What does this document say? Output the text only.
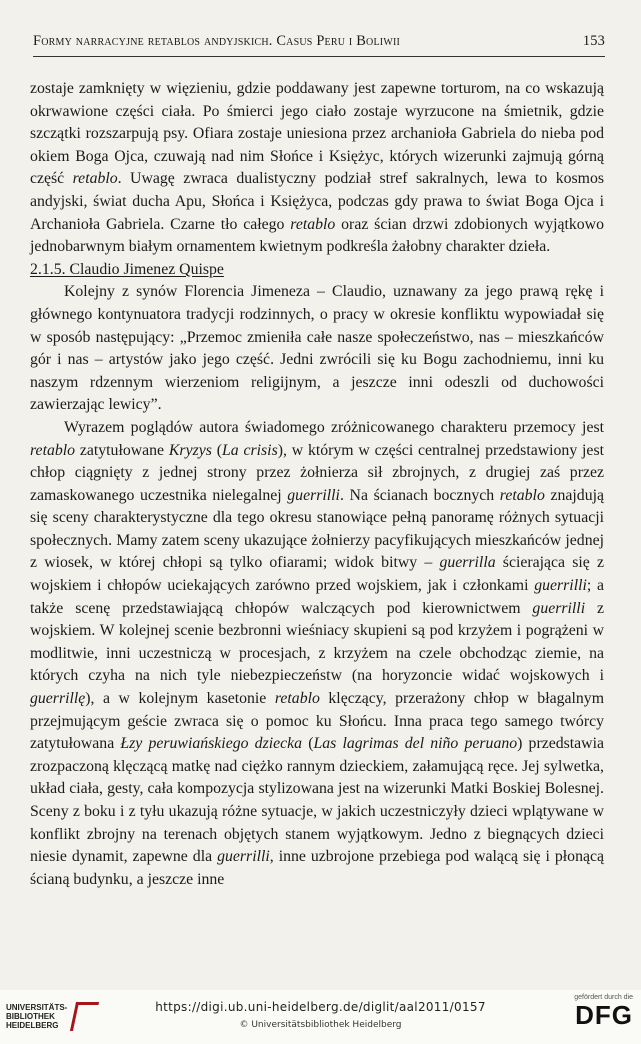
Formy narracyjne retablos andyjskich. Casus Peru i Boliwii	153

zostaje zamknięty w więzieniu, gdzie poddawany jest zapewne torturom, na co wskazują okrwawione części ciała. Po śmierci jego ciało zostaje wyrzucone na śmietnik, gdzie szczątki rozszarpują psy. Ofiara zostaje uniesiona przez archanioła Gabriela do nieba pod okiem Boga Ojca, czuwają nad nim Słońce i Księżyc, których wizerunki zajmują górną część retablo. Uwagę zwraca dualistyczny podział stref sakralnych, lewa to kosmos andyjski, świat ducha Apu, Słońca i Księżyca, podczas gdy prawa to świat Boga Ojca i Archanioła Gabriela. Czarne tło całego retablo oraz ścian drzwi zdobionych wyjątkowo jednobarwnym białym ornamentem kwietnym podkreśla żałobny charakter dzieła.

2.1.5. Claudio Jimenez Quispe

Kolejny z synów Florencia Jimeneza – Claudio, uznawany za jego prawą rękę i głównego kontynuatora tradycji rodzinnych, o pracy w okresie konfliktu wypowiadał się w sposób następujący: „Przemoc zmieniła całe nasze społeczeństwo, nas – mieszkańców gór i nas – artystów jako jego część. Jedni zwrócili się ku Bogu zachodniemu, inni ku naszym rdzennym wierzeniom religijnym, a jeszcze inni odeszli od duchowości zawierzając lewicy”.

Wyrazem poglądów autora świadomego zróżnicowanego charakteru przemocy jest retablo zatytułowane Kryzys (La crisis), w którym w części centralnej przedstawiony jest chłop ciągnięty z jednej strony przez żołnierza sił zbrojnych, z drugiej zaś przez zamaskowanego uczestnika nielegalnej guerrilli. Na ścianach bocznych retablo znajdują się sceny charakterystyczne dla tego okresu stanowiące pełną panoramę różnych sytuacji społecznych. Mamy zatem sceny ukazujące żołnierzy pacyfikujących mieszkańców jednej z wiosek, w której chłopi są tylko ofiarami; widok bitwy – guerrilla ścierająca się z wojskiem i chłopów uciekających zarówno przed wojskiem, jak i członkami guerrilli; a także scenę przedstawiającą chłopów walczących pod kierownictwem guerrilli z wojskiem. W kolejnej scenie bezbronni wieśniacy skupieni są pod krzyżem i pogrążeni w modlitwie, inni uczestniczą w procesjach, z krzyżem na czele obchodząc ziemie, na których czyha na nich tyle niebezpieczeństw (na horyzoncie widać wojskowych i guerrillę), a w kolejnym kasetonie retablo klęczący, przerażony chłop w błagalnym przejmującym geście zwraca się o pomoc ku Słońcu. Inna praca tego samego twórcy zatytułowana Łzy peruwiańskiego dziecka (Las lagrimas del niño peruano) przedstawia zrozpaczoną klęczącą matkę nad ciężko rannym dzieckiem, załamującą ręce. Jej sylwetka, układ ciała, gesty, cała kompozycja stylizowana jest na wizerunki Matki Boskiej Bolesnej. Sceny z boku i z tyłu ukazują różne sytuacje, w jakich uczestniczyły dzieci wplątywane w konflikt zbrojny na terenach objętych stanem wyjątkowym. Jedno z biegnących dzieci niesie dynamit, zapewne dla guerrilli, inne uzbrojone przebiega pod walącą się i płonącą ścianą budynku, a jeszcze inne

UNIVERSITÄTS-
BIBLIOTHEK
HEIDELBERG
https://digi.ub.uni-heidelberg.de/diglit/aal2011/0157
© Universitätsbibliothek Heidelberg
gefördert durch die
DFG
